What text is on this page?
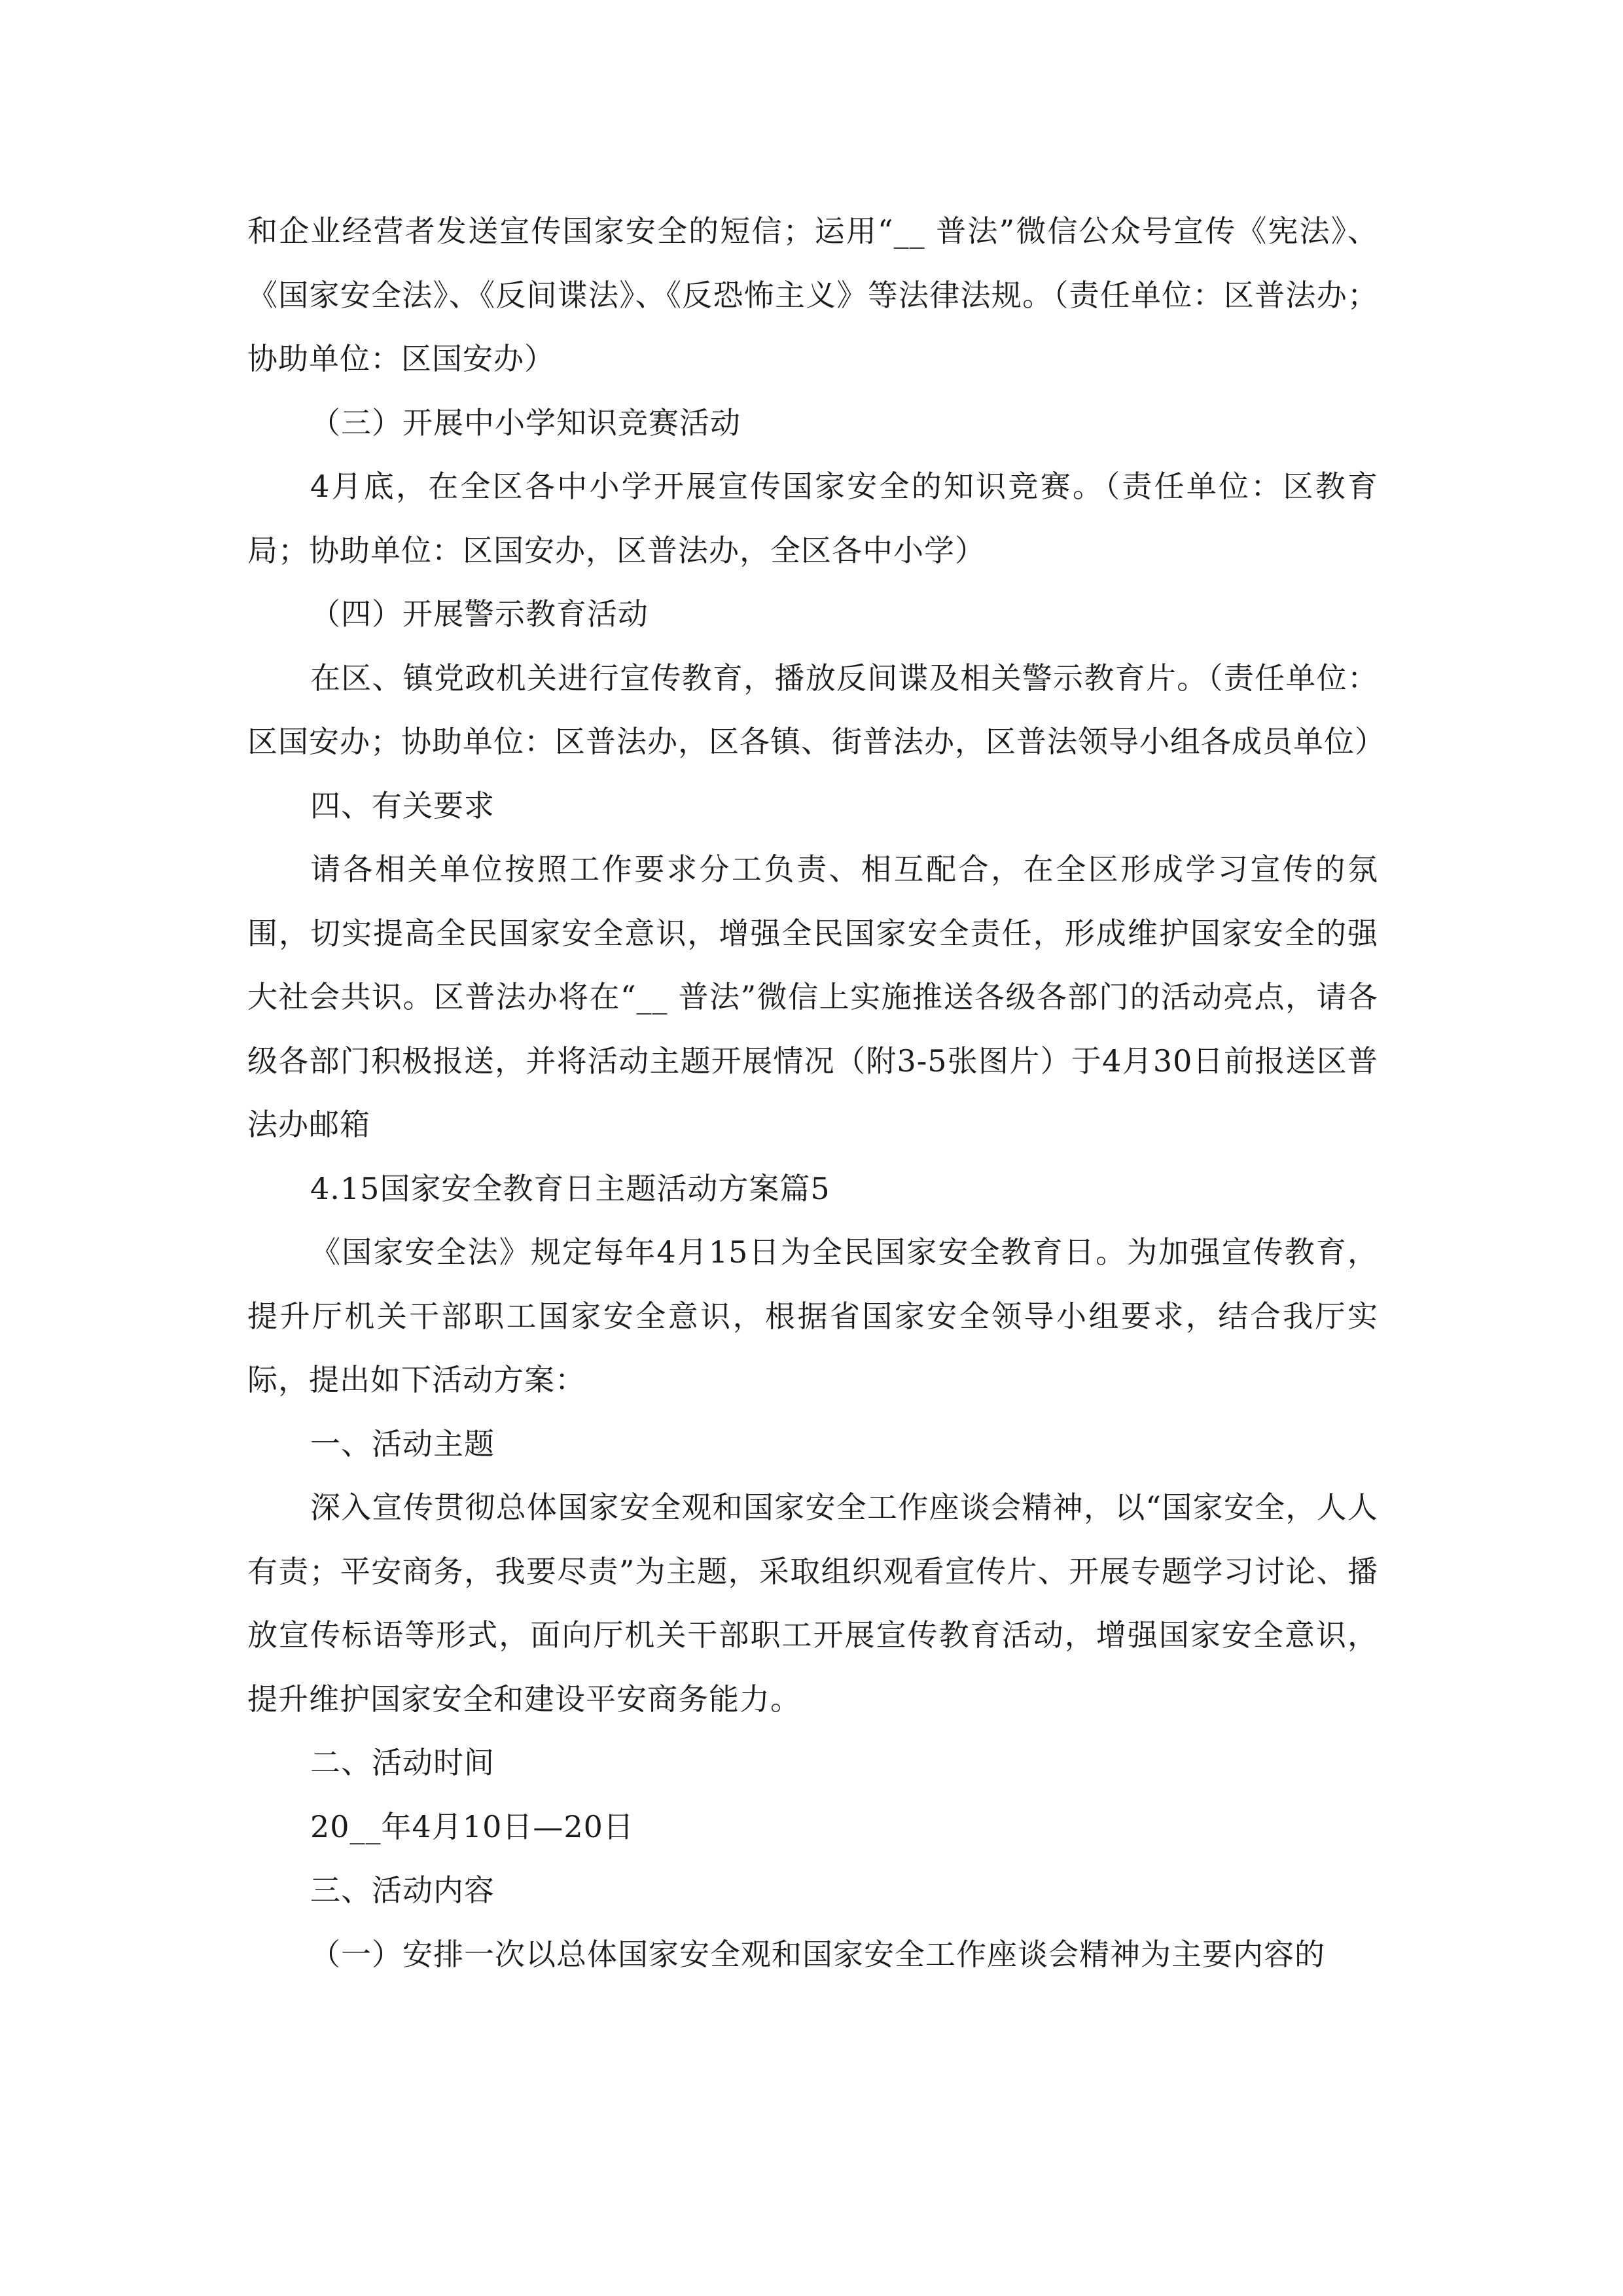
和企业经营者发送宣传国家安全的短信；运用“__ 普法”微信公众号宣传《宪法》、《国家安全法》、《反间谍法》、《反恐怖主义》等法律法规。（责任单位：区普法办；协助单位：区国安办）

（三）开展中小学知识竞赛活动

4月底，在全区各中小学开展宣传国家安全的知识竞赛。（责任单位：区教育局；协助单位：区国安办，区普法办，全区各中小学）

（四）开展警示教育活动

在区、镇党政机关进行宣传教育，播放反间谍及相关警示教育片。（责任单位：区国安办；协助单位：区普法办，区各镇、街普法办，区普法领导小组各成员单位）

四、有关要求

请各相关单位按照工作要求分工负责、相互配合，在全区形成学习宣传的氛围，切实提高全民国家安全意识，增强全民国家安全责任，形成维护国家安全的强大社会共识。区普法办将在“__ 普法”微信上实施推送各级各部门的活动亮点，请各级各部门积极报送，并将活动主题开展情况（附3-5张图片）于4月30日前报送区普法办邮箱

4.15国家安全教育日主题活动方案篇5

《国家安全法》规定每年4月15日为全民国家安全教育日。为加强宣传教育，提升厅机关干部职工国家安全意识，根据省国家安全领导小组要求，结合我厅实际，提出如下活动方案：

一、活动主题

深入宣传贯彻总体国家安全观和国家安全工作座谈会精神，以“国家安全，人人有责；平安商务，我要尽责”为主题，采取组织观看宣传片、开展专题学习讨论、播放宣传标语等形式，面向厅机关干部职工开展宣传教育活动，增强国家安全意识，提升维护国家安全和建设平安商务能力。

二、活动时间

20__年4月10日—20日

三、活动内容

（一）安排一次以总体国家安全观和国家安全工作座谈会精神为主要内容的
